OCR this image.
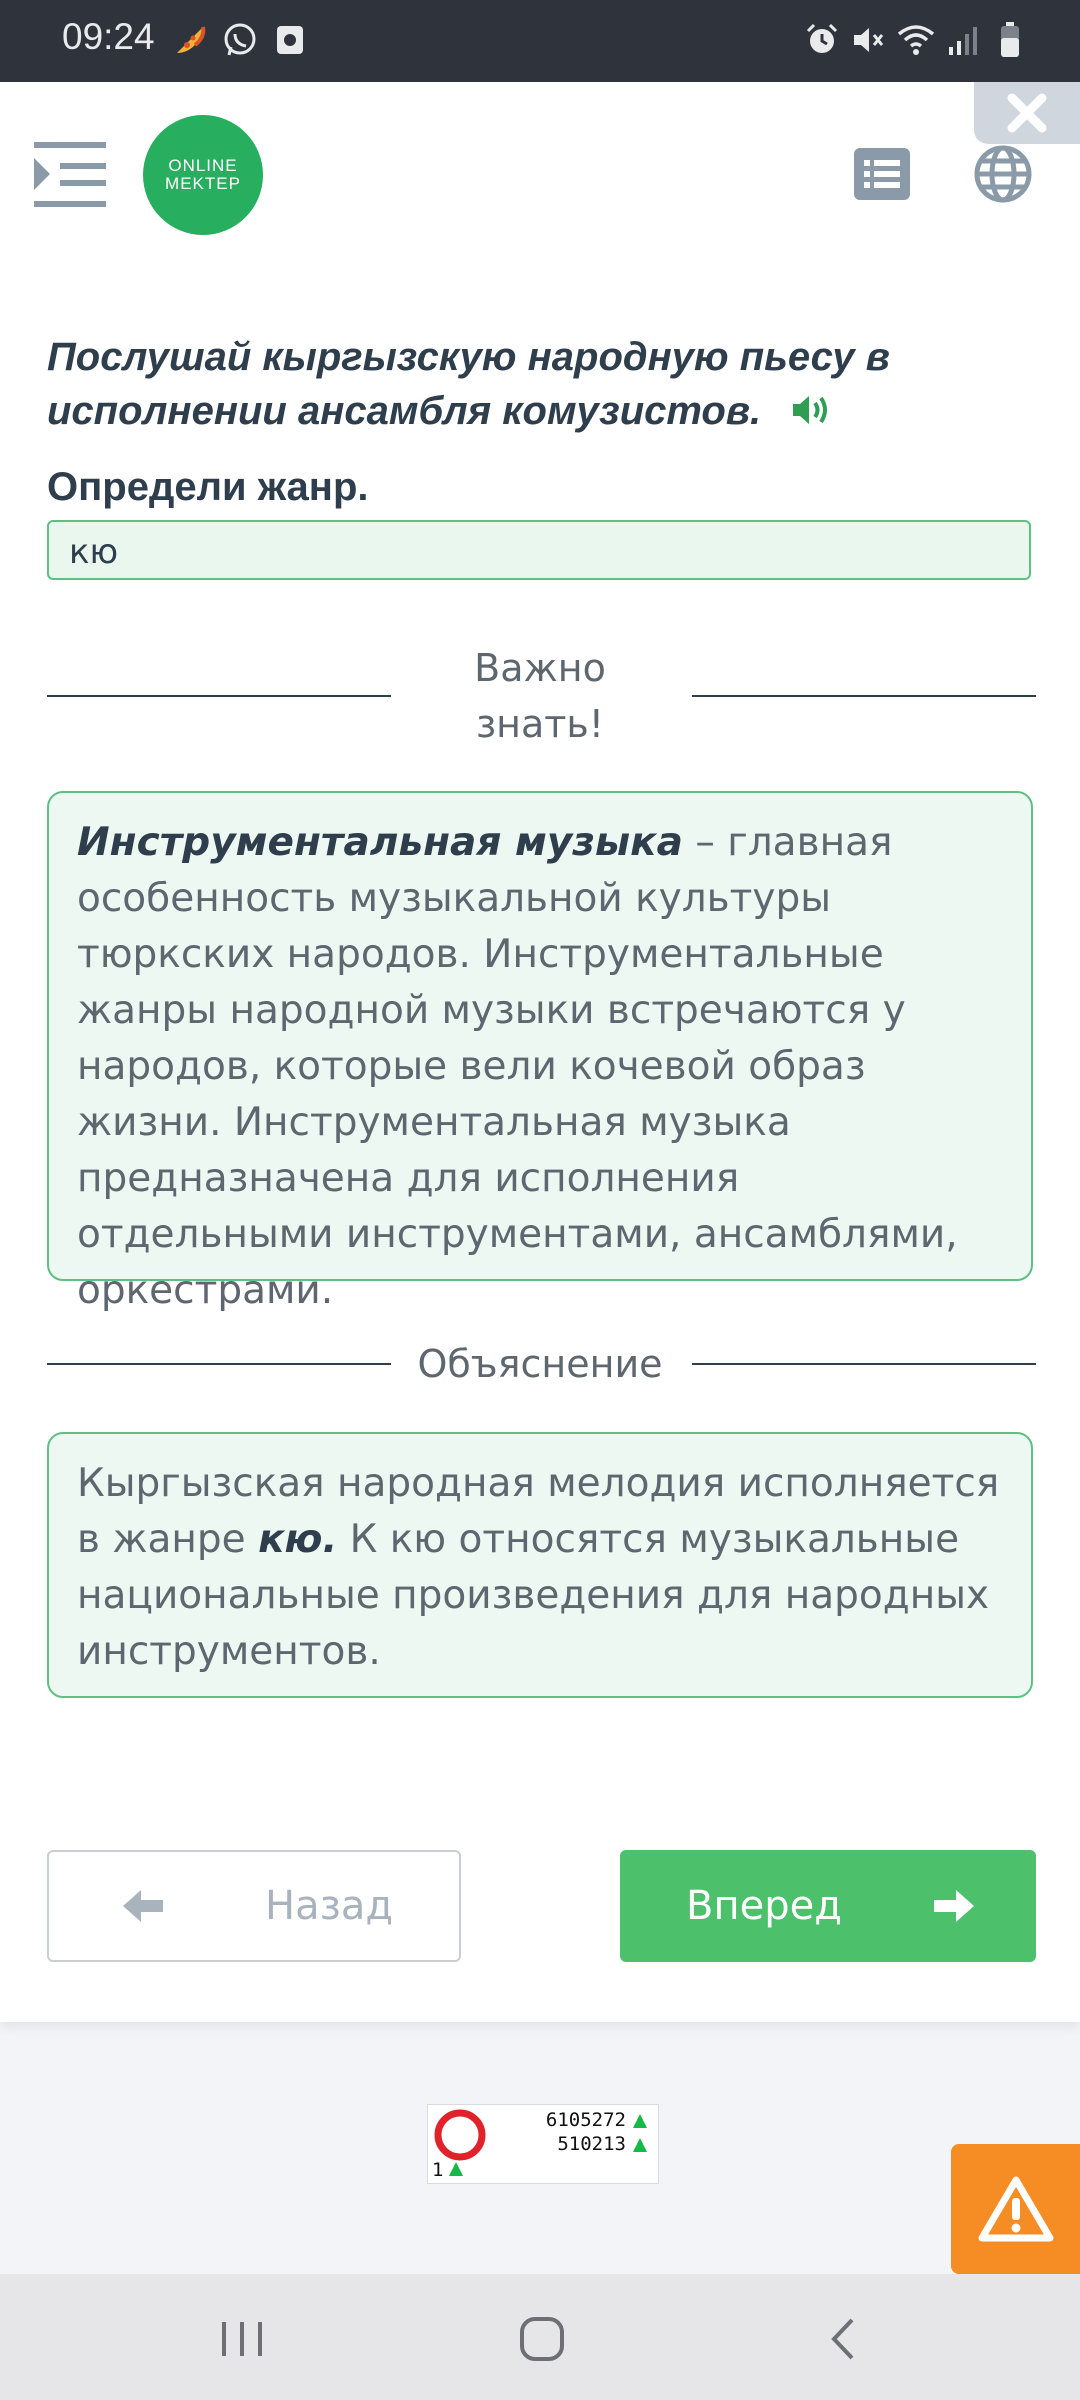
09:24
ONLINE
MEKTEP
Послушай кыргызскую народную пьесу в исполнении ансамбля комузистов.
Определи жанр.
кю
Важно знать!
Инструментальная музыка – главная особенность музыкальной культуры тюркских народов. Инструментальные жанры народной музыки встречаются у народов, которые вели кочевой образ жизни. Инструментальная музыка предназначена для исполнения отдельными инструментами, ансамблями, оркестрами.
Объяснение
Кыргызская народная мелодия исполняется в жанре кю. К кю относятся музыкальные национальные произведения для народных инструментов.
Назад	Вперед
6105272
510213
1
